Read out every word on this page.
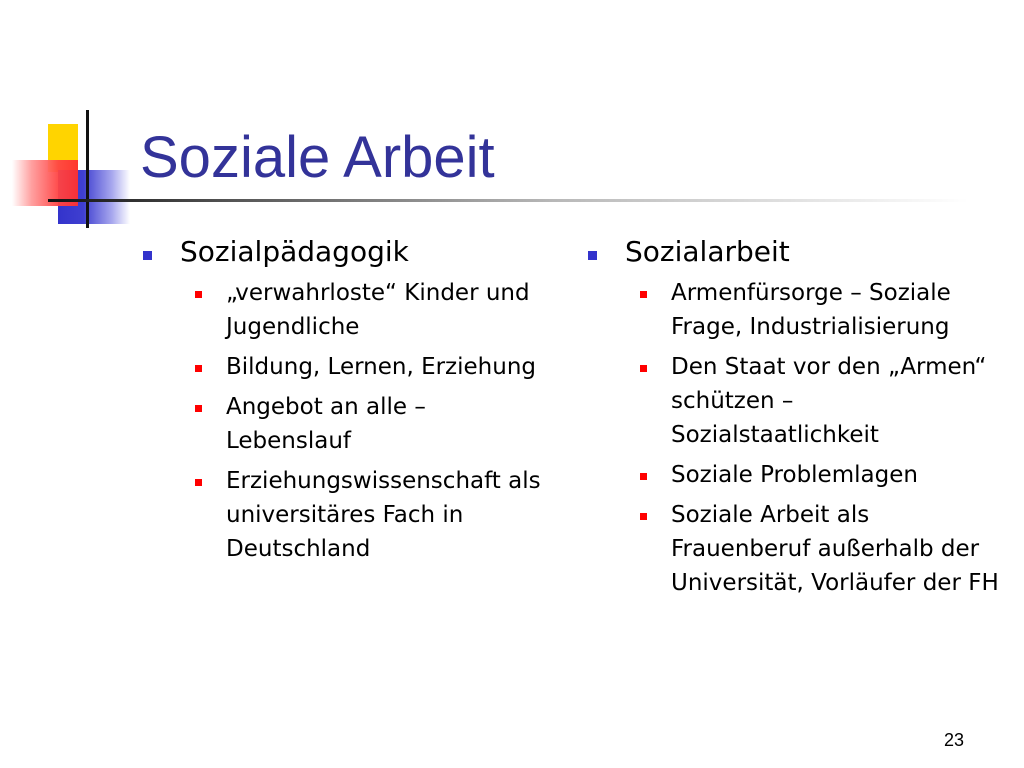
Soziale Arbeit
Sozialpädagogik
„verwahrloste“ Kinder und Jugendliche
Bildung, Lernen, Erziehung
Angebot an alle – Lebenslauf
Erziehungswissenschaft als universitäres Fach in Deutschland
Sozialarbeit
Armenfürsorge – Soziale Frage, Industrialisierung
Den Staat vor den „Armen“ schützen – Sozialstaatlichkeit
Soziale Problemlagen
Soziale Arbeit als Frauenberuf außerhalb der Universität, Vorläufer der FH
23
